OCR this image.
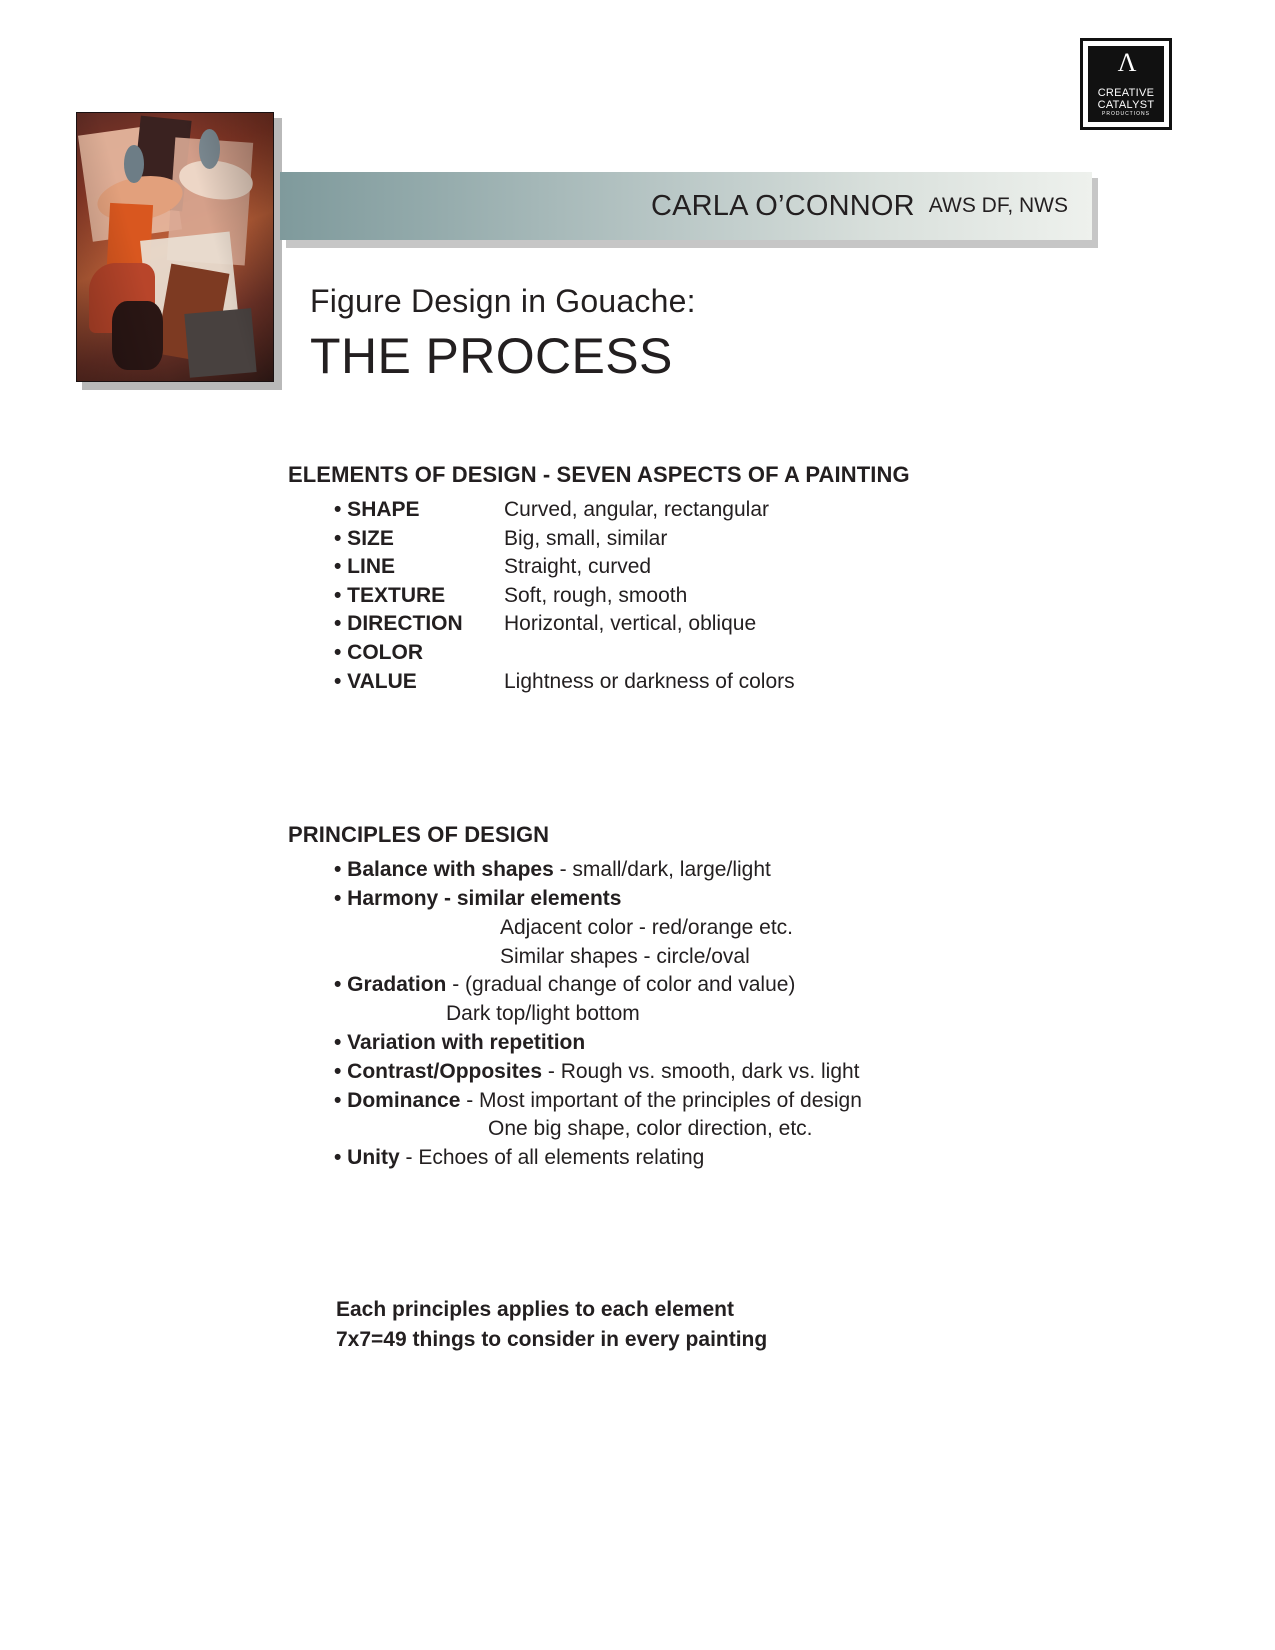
Ʌ
CREATIVE
CATALYST
PRODUCTIONS
CARLA O’CONNOR AWS DF, NWS
Figure Design in Gouache:
THE PROCESS
ELEMENTS OF DESIGN - SEVEN ASPECTS OF A PAINTING
• SHAPE	Curved, angular, rectangular
• SIZE	Big, small, similar
• LINE	Straight, curved
• TEXTURE	Soft, rough, smooth
• DIRECTION	Horizontal, vertical, oblique
• COLOR
• VALUE	Lightness or darkness of colors
PRINCIPLES OF DESIGN
• Balance with shapes - small/dark, large/light
• Harmony - similar elements
Adjacent color - red/orange etc.
Similar shapes - circle/oval
• Gradation - (gradual change of color and value)
Dark top/light bottom
• Variation with repetition
• Contrast/Opposites - Rough vs. smooth, dark vs. light
• Dominance - Most important of the principles of design
One big shape, color direction, etc.
• Unity - Echoes of all elements relating
Each principles applies to each element
7x7=49 things to consider in every painting
